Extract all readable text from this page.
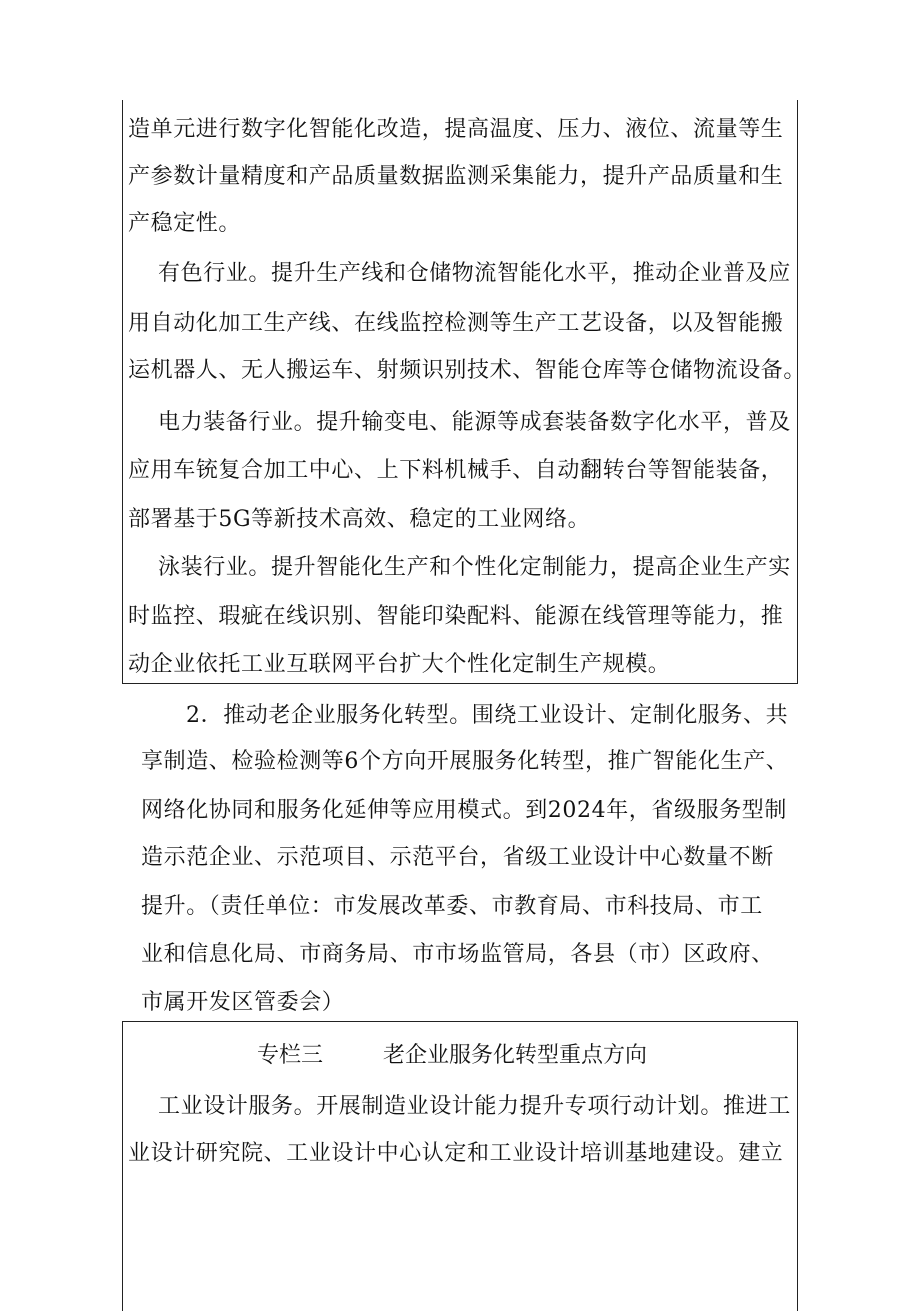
造单元进行数字化智能化改造，提高温度、压力、液位、流量等生
产参数计量精度和产品质量数据监测采集能力，提升产品质量和生
产稳定性。
有色行业。提升生产线和仓储物流智能化水平，推动企业普及应
用自动化加工生产线、在线监控检测等生产工艺设备，以及智能搬
运机器人、无人搬运车、射频识别技术、智能仓库等仓储物流设备。
电力装备行业。提升输变电、能源等成套装备数字化水平，普及
应用车铳复合加工中心、上下料机械手、自动翻转台等智能装备，
部署基于5G等新技术高效、稳定的工业网络。
泳装行业。提升智能化生产和个性化定制能力，提高企业生产实
时监控、瑕疵在线识别、智能印染配料、能源在线管理等能力，推
动企业依托工业互联网平台扩大个性化定制生产规模。
2．推动老企业服务化转型。围绕工业设计、定制化服务、共
享制造、检验检测等6个方向开展服务化转型，推广智能化生产、
网络化协同和服务化延伸等应用模式。到2024年，省级服务型制
造示范企业、示范项目、示范平台，省级工业设计中心数量不断
提升。（责任单位：市发展改革委、市教育局、市科技局、市工
业和信息化局、市商务局、市市场监管局，各县（市）区政府、
市属开发区管委会）
专栏三	老企业服务化转型重点方向
工业设计服务。开展制造业设计能力提升专项行动计划。推进工
业设计研究院、工业设计中心认定和工业设计培训基地建设。建立
